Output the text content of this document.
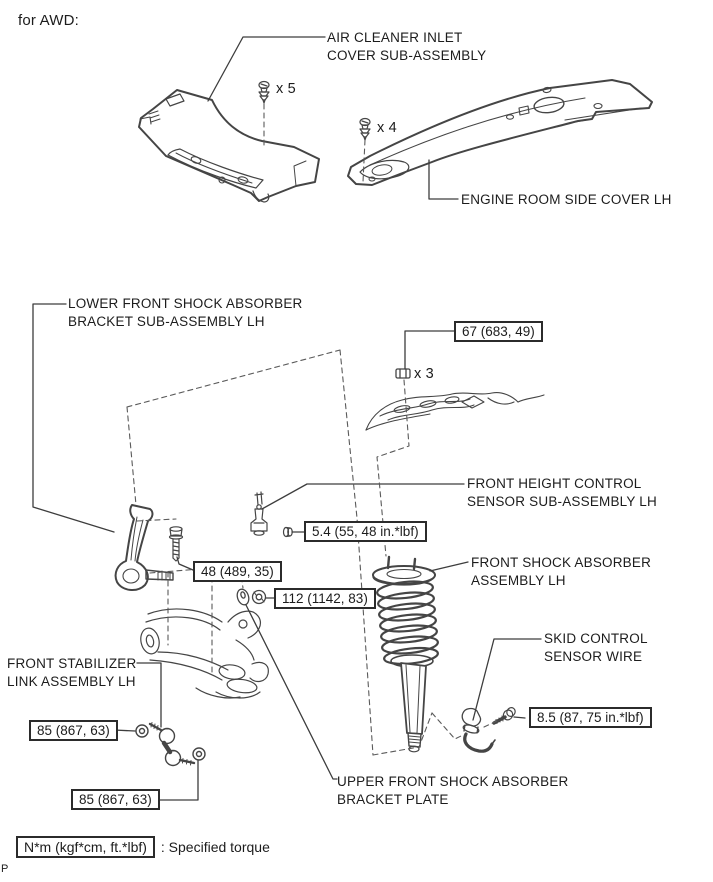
for AWD:
AIR CLEANER INLET
COVER SUB-ASSEMBLY
x 5
x 4
ENGINE ROOM SIDE COVER LH
LOWER FRONT SHOCK ABSORBER
BRACKET SUB-ASSEMBLY LH
67 (683, 49)
x 3
FRONT HEIGHT CONTROL
SENSOR SUB-ASSEMBLY LH
5.4 (55, 48 in.*lbf)
48 (489, 35)
FRONT SHOCK ABSORBER
ASSEMBLY LH
112 (1142, 83)
SKID CONTROL
SENSOR WIRE
FRONT STABILIZER
LINK ASSEMBLY LH
8.5 (87, 75 in.*lbf)
85 (867, 63)
UPPER FRONT SHOCK ABSORBER
BRACKET PLATE
85 (867, 63)
N*m (kgf*cm, ft.*lbf)	: Specified torque
P
